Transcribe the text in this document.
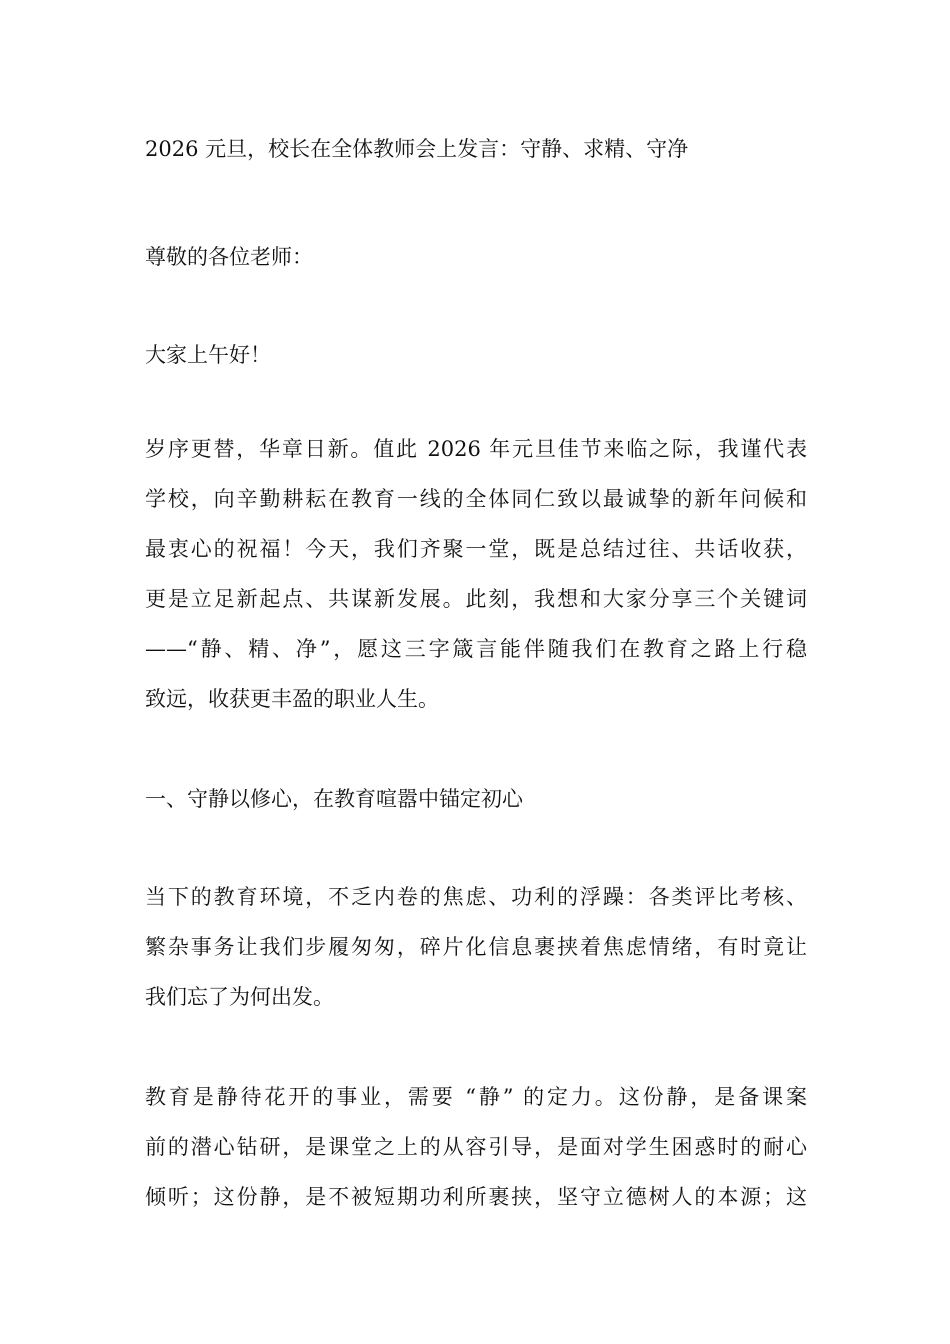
2026 元旦，校长在全体教师会上发言：守静、求精、守净
尊敬的各位老师：
大家上午好！
岁序更替，华章日新。值此 2026 年元旦佳节来临之际，我谨代表
学校，向辛勤耕耘在教育一线的全体同仁致以最诚挚的新年问候和
最衷心的祝福！今天，我们齐聚一堂，既是总结过往、共话收获，
更是立足新起点、共谋新发展。此刻，我想和大家分享三个关键词
——“静、精、净”，愿这三字箴言能伴随我们在教育之路上行稳
致远，收获更丰盈的职业人生。
一、守静以修心，在教育喧嚣中锚定初心
当下的教育环境，不乏内卷的焦虑、功利的浮躁：各类评比考核、
繁杂事务让我们步履匆匆，碎片化信息裹挟着焦虑情绪，有时竟让
我们忘了为何出发。
教育是静待花开的事业，需要 “静” 的定力。这份静，是备课案
前的潜心钻研，是课堂之上的从容引导，是面对学生困惑时的耐心
倾听；这份静，是不被短期功利所裹挟，坚守立德树人的本源；这
